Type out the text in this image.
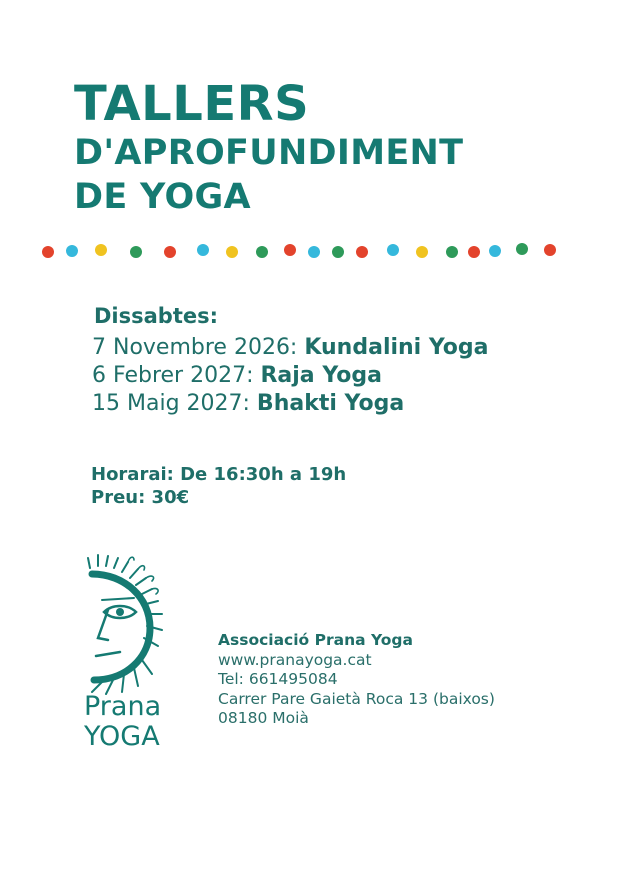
TALLERS
D'APROFUNDIMENT
DE YOGA
Dissabtes:
7 Novembre 2026: Kundalini Yoga
6 Febrer 2027: Raja Yoga
15 Maig 2027: Bhakti Yoga
Horarai: De 16:30h a 19h
Preu: 30€
Prana
YOGA
Associació Prana Yoga
www.pranayoga.cat
Tel: 661495084
Carrer Pare Gaietà Roca 13 (baixos)
08180 Moià
